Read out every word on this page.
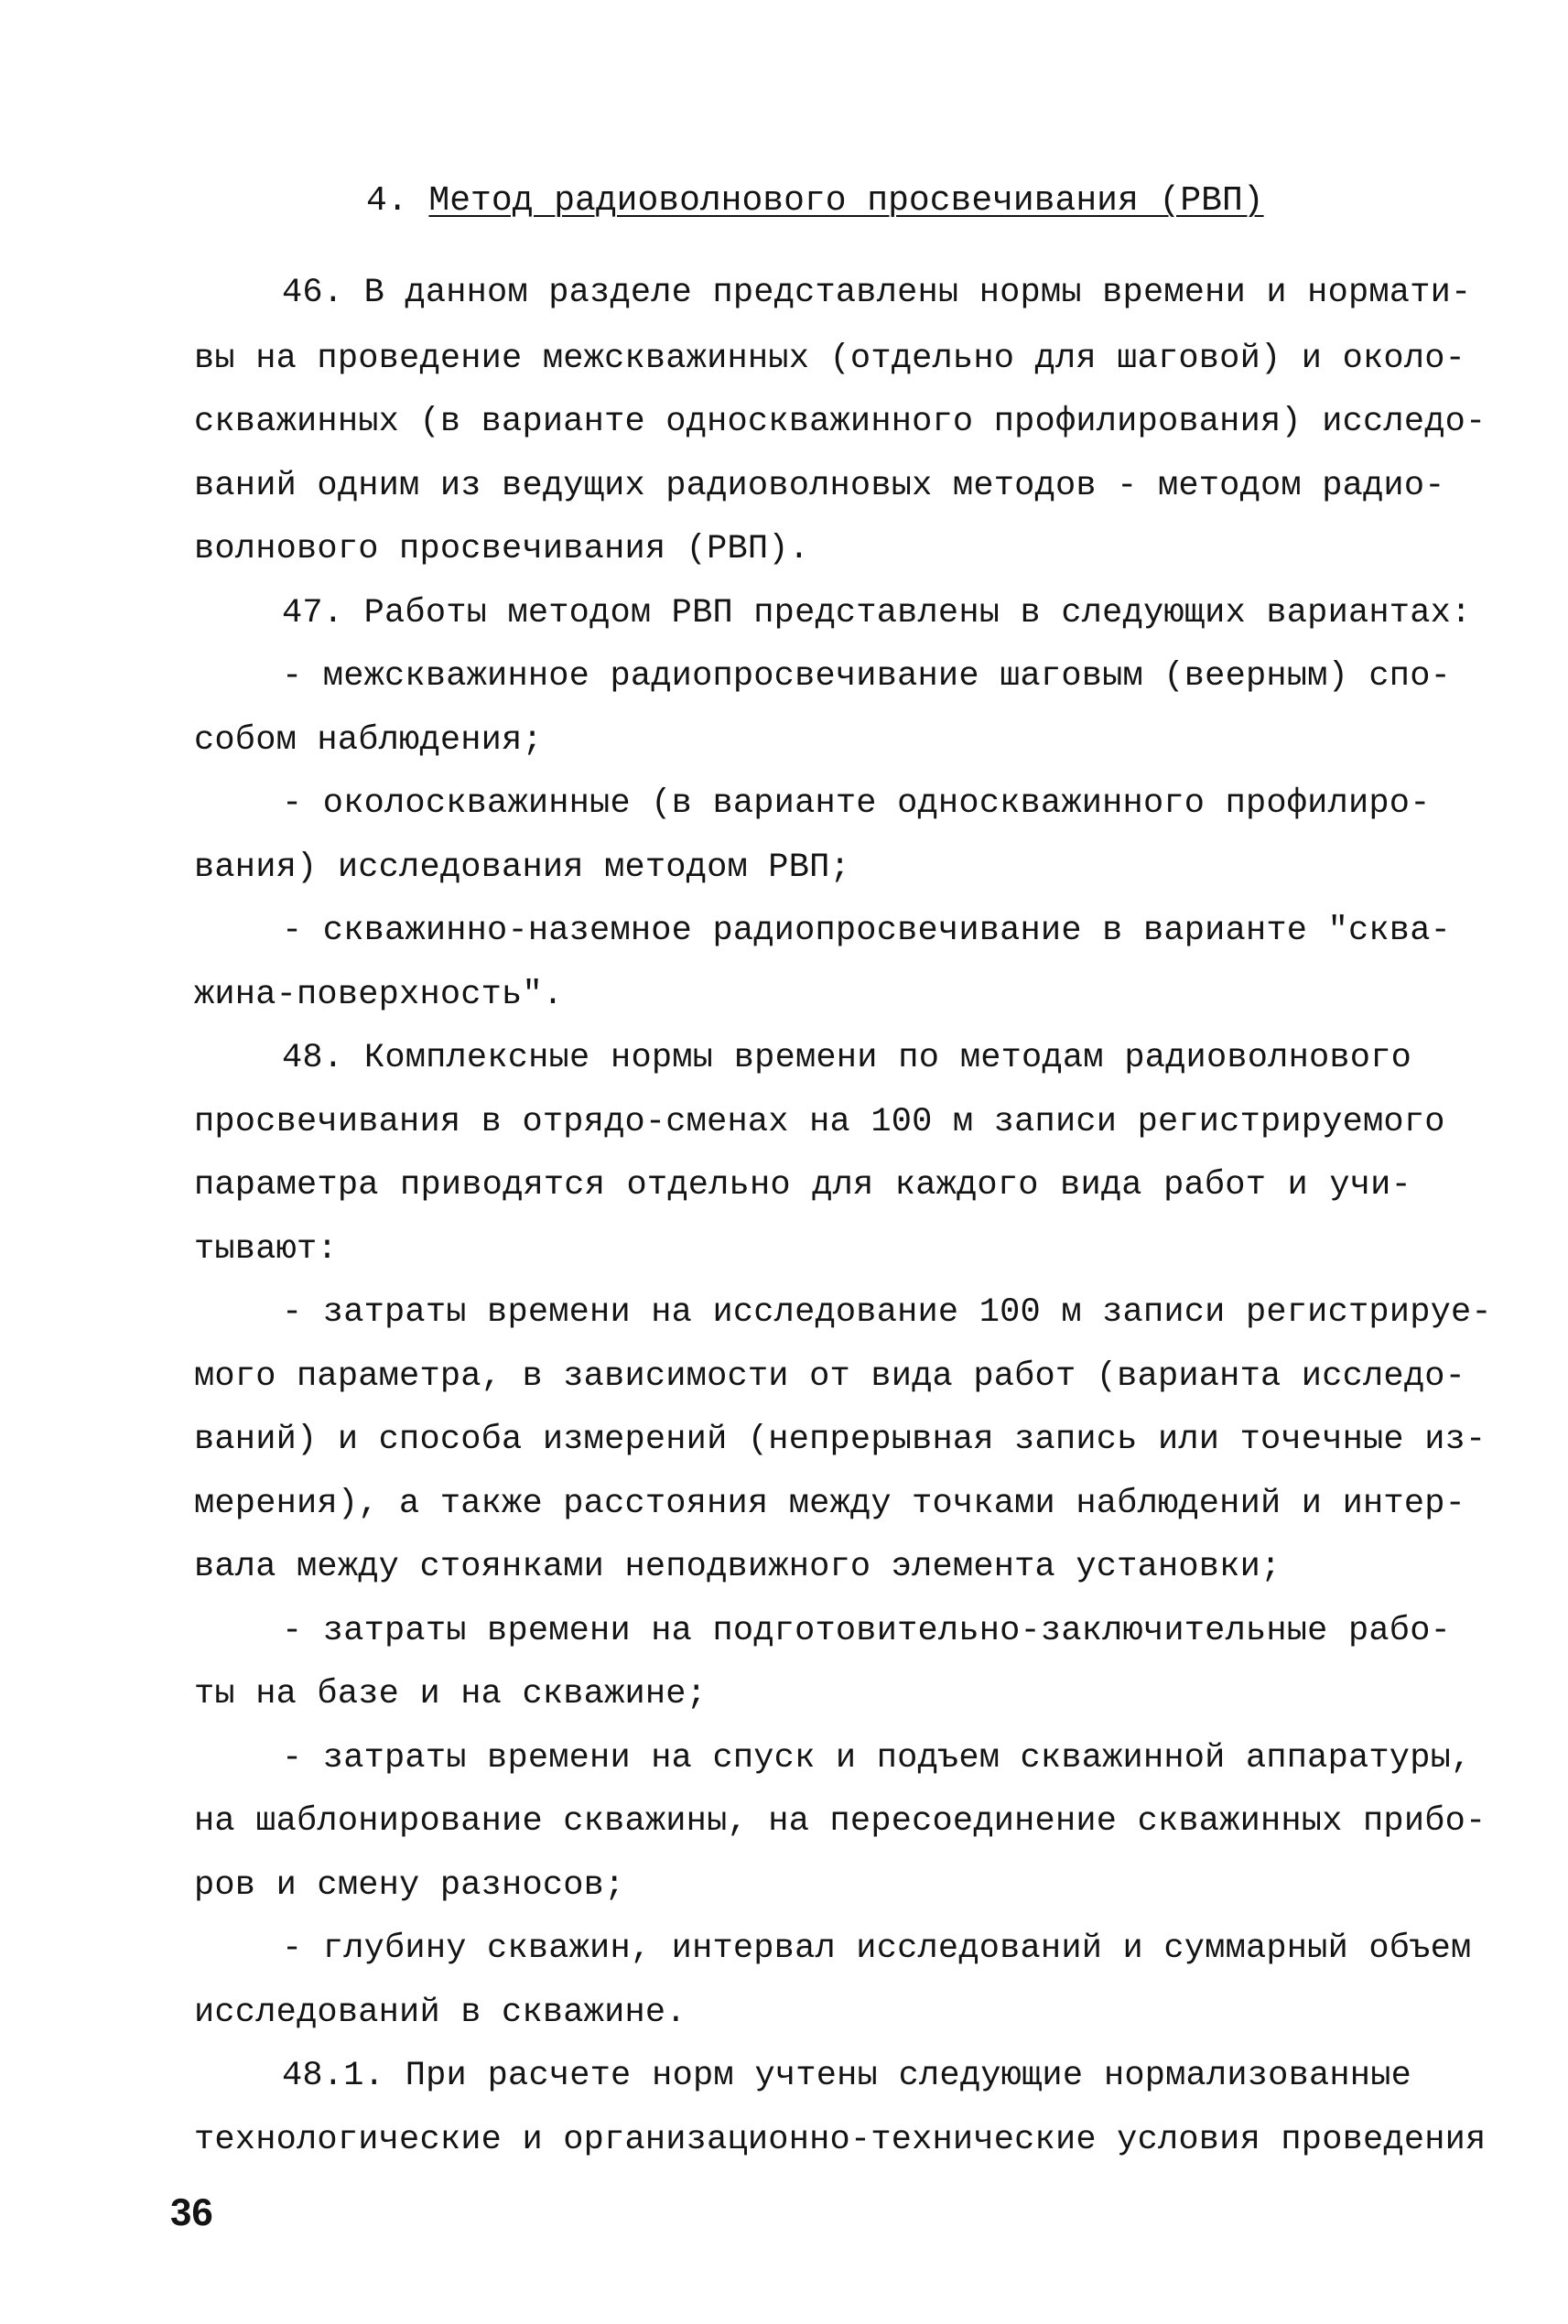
4. Метод радиоволнового просвечивания (РВП)
46. В данном разделе представлены нормы времени и нормати-
вы на проведение межскважинных (отдельно для шаговой) и около-
скважинных (в варианте односкважинного профилирования) исследо-
ваний одним из ведущих радиоволновых методов - методом радио-
волнового просвечивания (РВП).
47. Работы методом РВП представлены в следующих вариантах:
- межскважинное радиопросвечивание шаговым (веерным) спо-
собом наблюдения;
- околоскважинные (в варианте односкважинного профилиро-
вания) исследования методом РВП;
- скважинно-наземное радиопросвечивание в варианте "сква-
жина-поверхность".
48. Комплексные нормы времени по методам радиоволнового
просвечивания в отрядо-сменах на 100 м записи регистрируемого
параметра приводятся отдельно для каждого вида работ и учи-
тывают:
- затраты времени на исследование 100 м записи регистрируе-
мого параметра, в зависимости от вида работ (варианта исследо-
ваний) и способа измерений (непрерывная запись или точечные из-
мерения), а также расстояния между точками наблюдений и интер-
вала между стоянками неподвижного элемента установки;
- затраты времени на подготовительно-заключительные рабо-
ты на базе и на скважине;
- затраты времени на спуск и подъем скважинной аппаратуры,
на шаблонирование скважины, на пересоединение скважинных прибо-
ров и смену разносов;
- глубину скважин, интервал исследований и суммарный объем
исследований в скважине.
48.1. При расчете норм учтены следующие нормализованные
технологические и организационно-технические условия проведения
36
